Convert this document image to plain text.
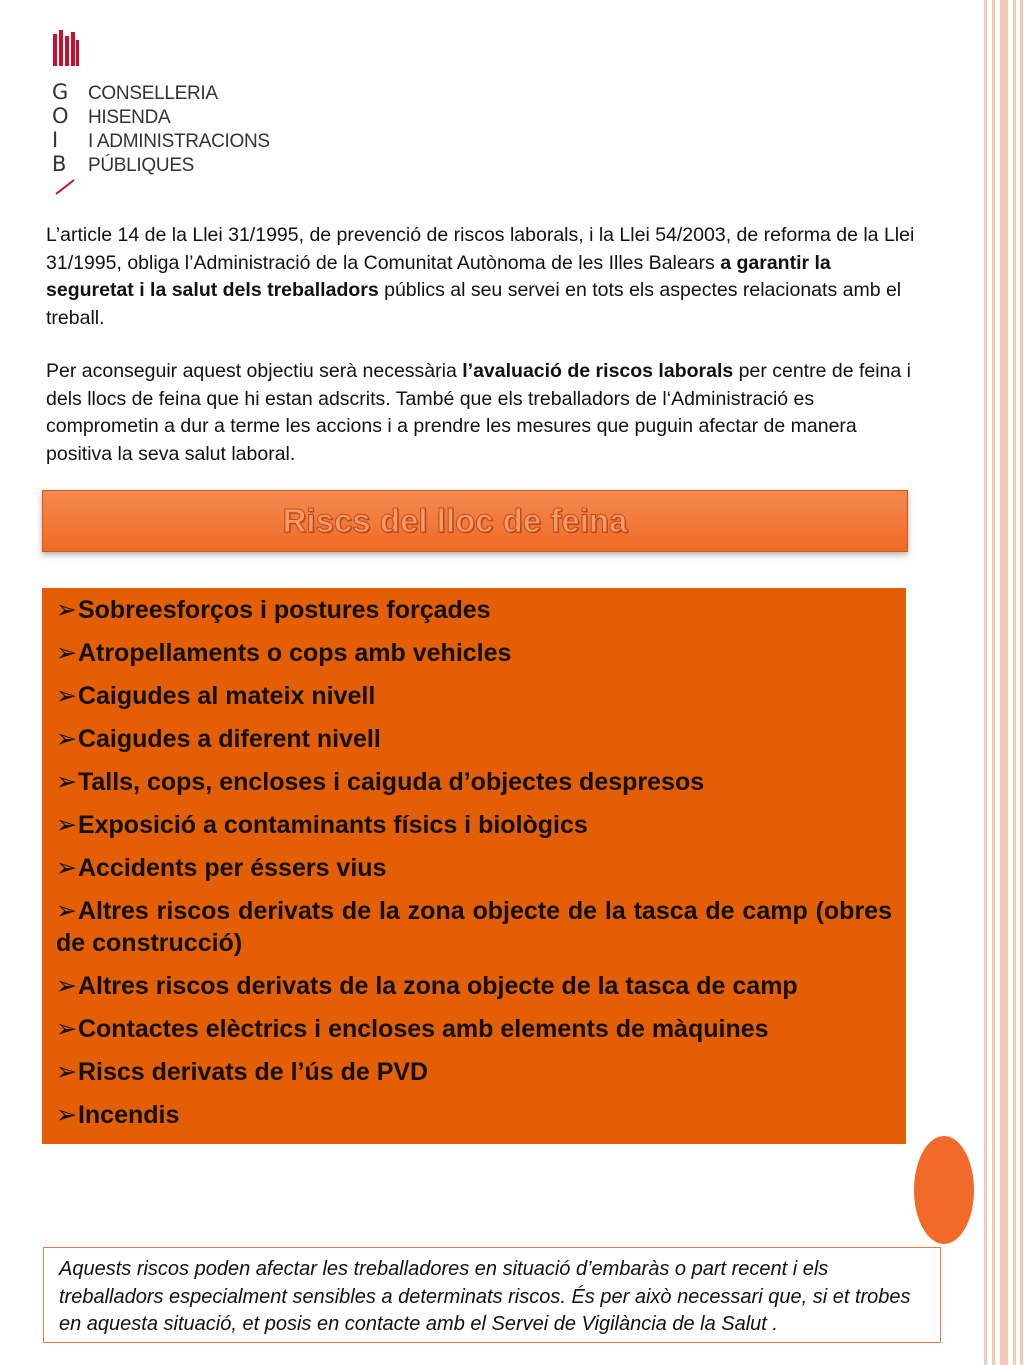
G
O
I
B
CONSELLERIA
HISENDA
I ADMINISTRACIONS
PÚBLIQUES

L’article 14 de la Llei 31/1995, de prevenció de riscos laborals, i la Llei 54/2003, de reforma de la Llei 31/1995, obliga l’Administració de la Comunitat Autònoma de les Illes Balears a garantir la seguretat i la salut dels treballadors públics al seu servei en tots els aspectes relacionats amb el treball.

Per aconseguir aquest objectiu serà necessària l’avaluació de riscos laborals per centre de feina i dels llocs de feina que hi estan adscrits. També que els treballadors de l‘Administració es comprometin a dur a terme les accions i a prendre les mesures que puguin afectar de manera positiva la seva salut laboral.

Riscs del lloc de feina
➢Sobreesforços i postures forçades
➢Atropellaments o cops amb vehicles
➢Caigudes al mateix nivell
➢Caigudes a diferent nivell
➢Talls, cops, encloses i caiguda d’objectes despresos
➢Exposició a contaminants físics i biològics
➢Accidents per éssers vius
➢Altres riscos derivats de la zona objecte de la tasca de camp (obres de construcció)
➢Altres riscos derivats de la zona objecte de la tasca de camp
➢Contactes elèctrics i encloses amb elements de màquines
➢Riscs derivats de l’ús de PVD
➢Incendis

Aquests riscos poden afectar les treballadores en situació d’embaràs o part recent i els treballadors especialment sensibles a determinats riscos. És per això necessari que, si et trobes en aquesta situació, et posis en contacte amb el Servei de Vigilància de la Salut .
